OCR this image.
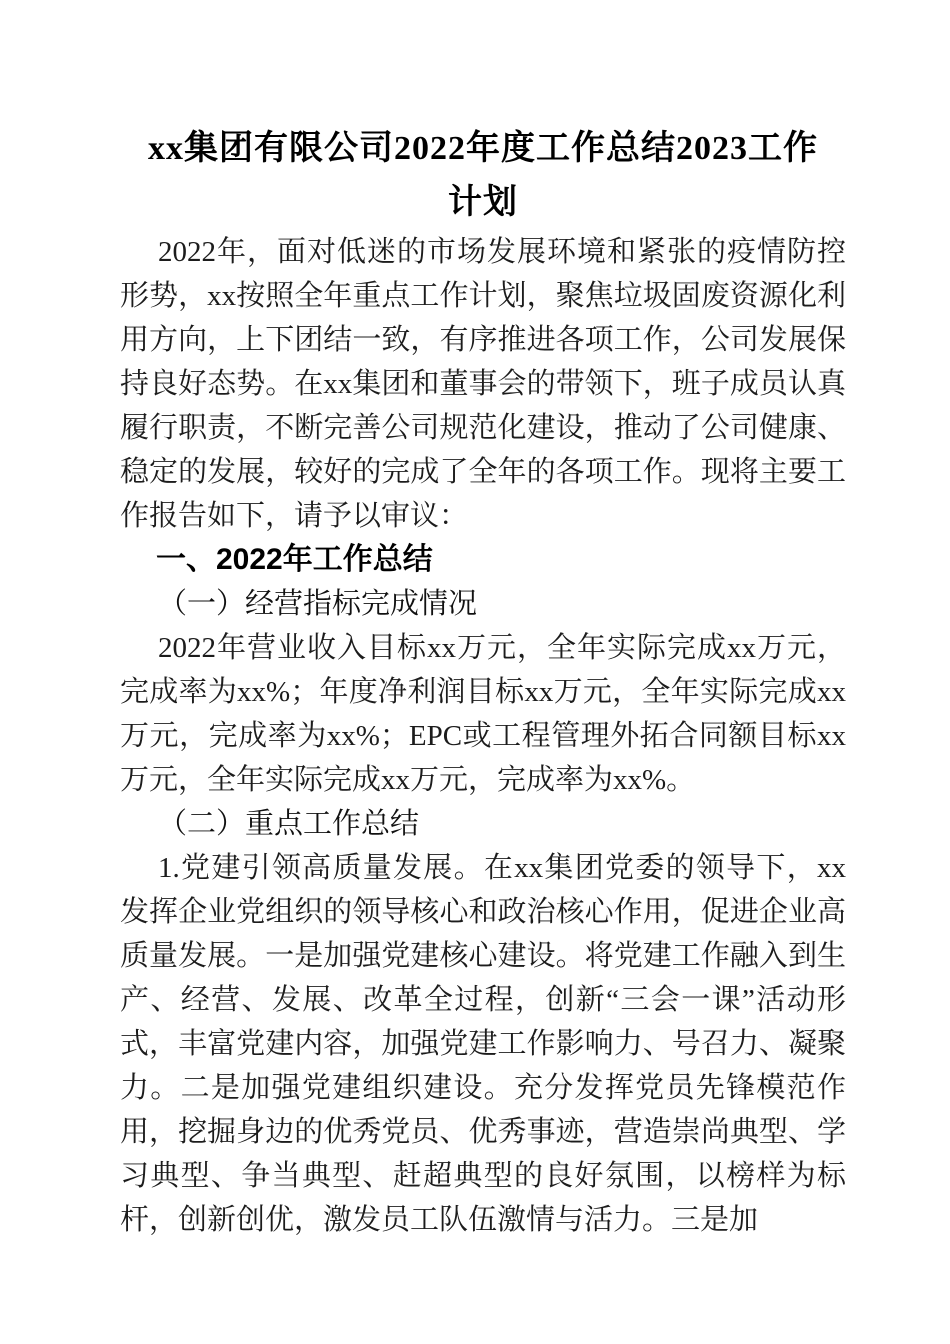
xx集团有限公司2022年度工作总结2023工作
计划

2022年，面对低迷的市场发展环境和紧张的疫情防控形势，xx按照全年重点工作计划，聚焦垃圾固废资源化利用方向，上下团结一致，有序推进各项工作，公司发展保持良好态势。在xx集团和董事会的带领下，班子成员认真履行职责，不断完善公司规范化建设，推动了公司健康、稳定的发展，较好的完成了全年的各项工作。现将主要工作报告如下，请予以审议：

一、2022年工作总结
（一）经营指标完成情况

2022年营业收入目标xx万元，全年实际完成xx万元，完成率为xx%；年度净利润目标xx万元，全年实际完成xx万元，完成率为xx%；EPC或工程管理外拓合同额目标xx万元，全年实际完成xx万元，完成率为xx%。

（二）重点工作总结

1.党建引领高质量发展。在xx集团党委的领导下，xx发挥企业党组织的领导核心和政治核心作用，促进企业高质量发展。一是加强党建核心建设。将党建工作融入到生产、经营、发展、改革全过程，创新“三会一课”活动形式，丰富党建内容，加强党建工作影响力、号召力、凝聚力。二是加强党建组织建设。充分发挥党员先锋模范作用，挖掘身边的优秀党员、优秀事迹，营造崇尚典型、学习典型、争当典型、赶超典型的良好氛围，以榜样为标杆，创新创优，激发员工队伍激情与活力。三是加
